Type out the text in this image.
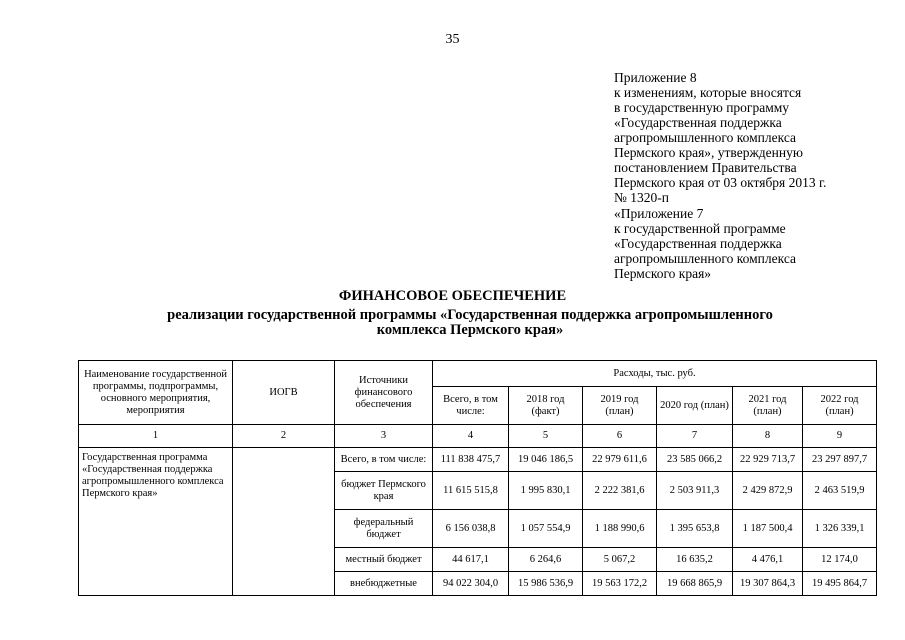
35
Приложение 8
к изменениям, которые вносятся
в государственную программу
«Государственная поддержка
агропромышленного комплекса
Пермского края», утвержденную
постановлением Правительства
Пермского края от 03 октября 2013 г.
№ 1320-п
«Приложение 7
к государственной программе
«Государственная поддержка
агропромышленного комплекса
Пермского края»
ФИНАНСОВОЕ ОБЕСПЕЧЕНИЕ
реализации государственной программы «Государственная поддержка агропромышленного комплекса Пермского края»
Наименование государственной программы, подпрограммы, основного мероприятия, мероприятия	ИОГВ	Источники финансового обеспечения	Расходы, тыс. руб.					
			Всего, в том числе:	2018 год (факт)	2019 год (план)	2020 год (план)	2021 год (план)	2022 год (план)
1	2	3	4	5	6	7	8	9
Государственная программа «Государственная поддержка агропромышленного комплекса Пермского края»		Всего, в том числе:	111 838 475,7	19 046 186,5	22 979 611,6	23 585 066,2	22 929 713,7	23 297 897,7
		бюджет Пермского края	11 615 515,8	1 995 830,1	2 222 381,6	2 503 911,3	2 429 872,9	2 463 519,9
		федеральный бюджет	6 156 038,8	1 057 554,9	1 188 990,6	1 395 653,8	1 187 500,4	1 326 339,1
		местный бюджет	44 617,1	6 264,6	5 067,2	16 635,2	4 476,1	12 174,0
		внебюджетные	94 022 304,0	15 986 536,9	19 563 172,2	19 668 865,9	19 307 864,3	19 495 864,7
